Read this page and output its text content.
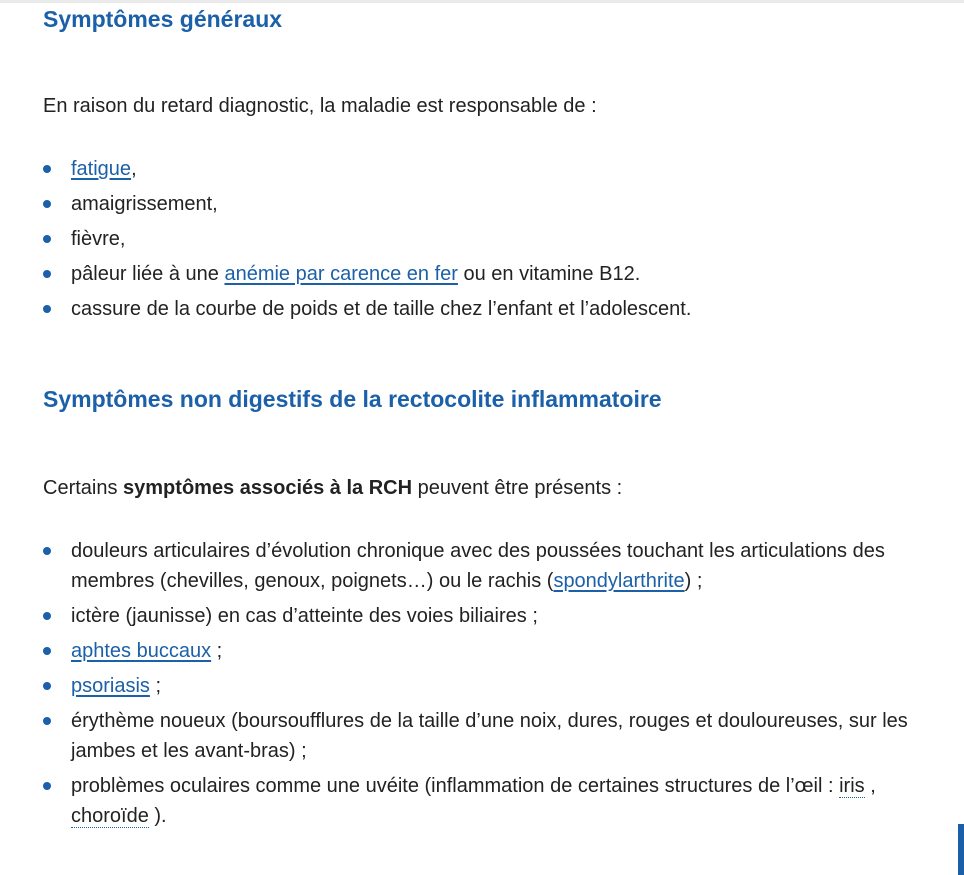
Symptômes généraux

En raison du retard diagnostic, la maladie est responsable de :

fatigue,
amaigrissement,
fièvre,
pâleur liée à une anémie par carence en fer ou en vitamine B12.
cassure de la courbe de poids et de taille chez l’enfant et l’adolescent.
Symptômes non digestifs de la rectocolite inflammatoire

Certains symptômes associés à la RCH peuvent être présents :

douleurs articulaires d’évolution chronique avec des poussées touchant les articulations des membres (chevilles, genoux, poignets…) ou le rachis (spondylarthrite) ;
ictère (jaunisse) en cas d’atteinte des voies biliaires ;
aphtes buccaux ;
psoriasis ;
érythème noueux (boursoufflures de la taille d’une noix, dures, rouges et douloureuses, sur les jambes et les avant-bras) ;
problèmes oculaires comme une uvéite (inflammation de certaines structures de l’œil : iris , choroïde ).
